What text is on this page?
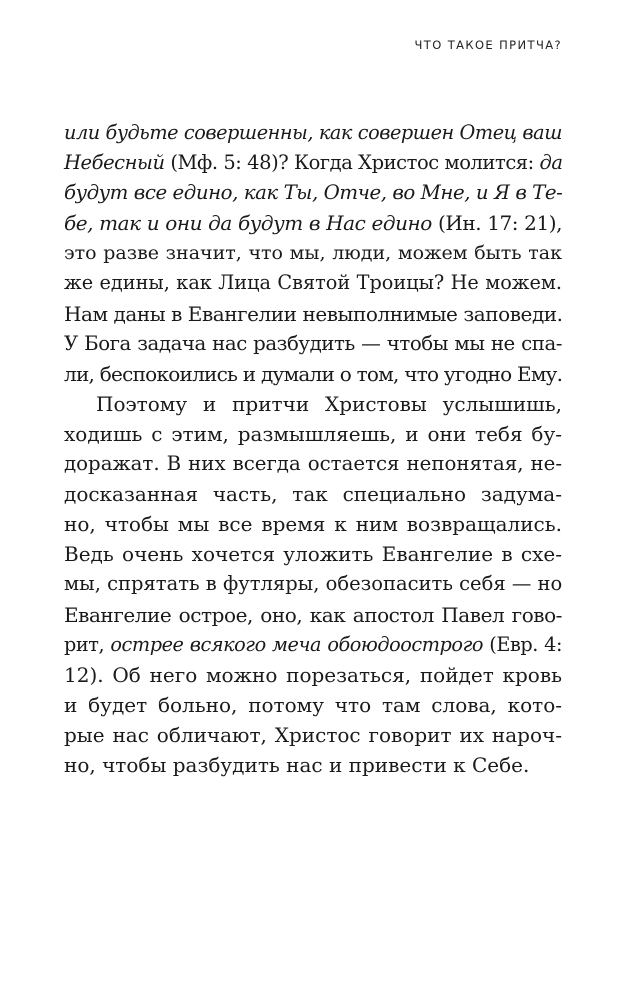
ЧТО ТАКОЕ ПРИТЧА?
или будьте совершенны, как совершен Отец ваш
Небесный (Мф. 5: 48)? Когда Христос молится: да
будут все едино, как Ты, Отче, во Мне, и Я в Те-
бе, так и они да будут в Нас едино (Ин. 17: 21),
это разве значит, что мы, люди, можем быть так
же едины, как Лица Святой Троицы? Не можем.
Нам даны в Евангелии невыполнимые заповеди.
У Бога задача нас разбудить — чтобы мы не спа-
ли, беспокоились и думали о том, что угодно Ему.
Поэтому и притчи Христовы услышишь,
ходишь с этим, размышляешь, и они тебя бу-
доражат. В них всегда остается непонятая, не-
досказанная часть, так специально задума-
но, чтобы мы все время к ним возвращались.
Ведь очень хочется уложить Евангелие в схе-
мы, спрятать в футляры, обезопасить себя — но
Евангелие острое, оно, как апостол Павел гово-
рит, острее всякого меча обоюдоострого (Евр. 4:
12). Об него можно порезаться, пойдет кровь
и будет больно, потому что там слова, кото-
рые нас обличают, Христос говорит их нароч-
но, чтобы разбудить нас и привести к Себе.
